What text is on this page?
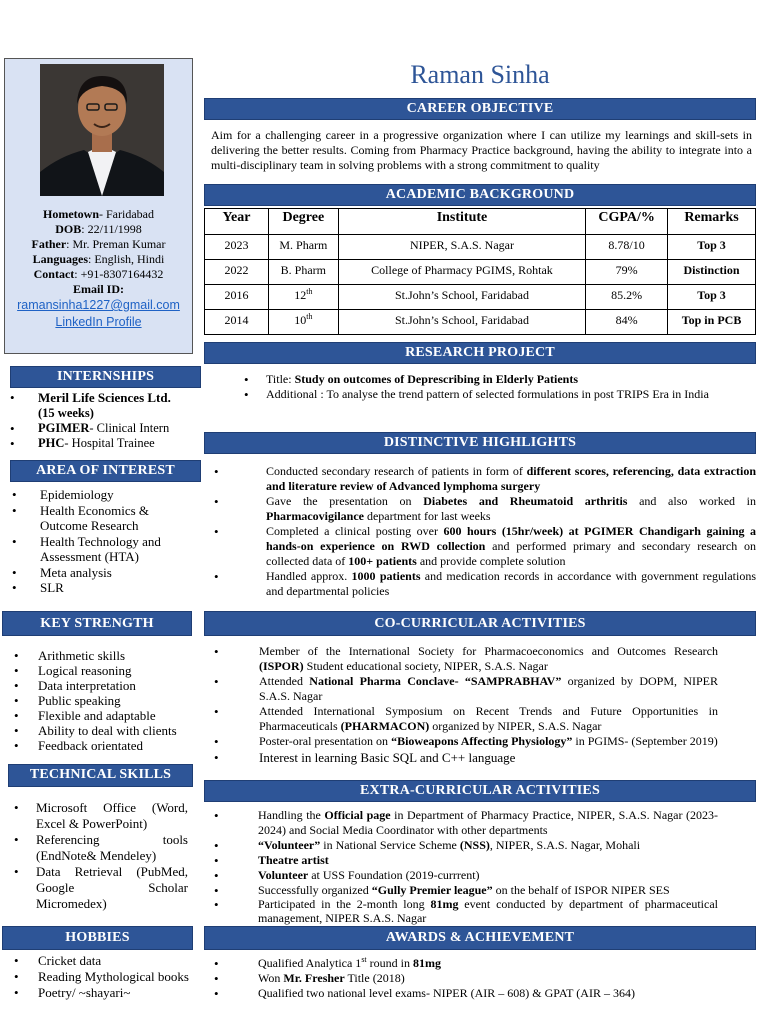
Hometown- Faridabad
DOB: 22/11/1998
Father: Mr. Preman Kumar
Languages: English, Hindi
Contact: +91-8307164432
Email ID:
ramansinha1227@gmail.com
LinkedIn Profile
Raman Sinha
CAREER OBJECTIVE
Aim for a challenging career in a progressive organization where I can utilize my learnings and skill-sets in delivering the better results. Coming from Pharmacy Practice background, having the ability to integrate into a multi-disciplinary team in solving problems with a strong commitment to quality
ACADEMIC BACKGROUND
Year	Degree	Institute	CGPA/%	Remarks
2023	M. Pharm	NIPER, S.A.S. Nagar	8.78/10	Top 3
2022	B. Pharm	College of Pharmacy PGIMS, Rohtak	79%	Distinction
2016	12th	St.John’s School, Faridabad	85.2%	Top 3
2014	10th	St.John’s School, Faridabad	84%	Top in PCB
RESEARCH PROJECT
• Title: Study on outcomes of Deprescribing in Elderly Patients
• Additional : To analyse the trend pattern of selected formulations in post TRIPS Era in India
INTERNSHIPS
• Meril Life Sciences Ltd.
(15 weeks)
• PGIMER- Clinical Intern
• PHC- Hospital Trainee	DISTINCTIVE HIGHLIGHTS
• Conducted secondary research of patients in form of different scores, referencing, data extraction and literature review of Advanced lymphoma surgery
• Gave the presentation on Diabetes and Rheumatoid arthritis and also worked in Pharmacovigilance department for last weeks
• Completed a clinical posting over 600 hours (15hr/week) at PGIMER Chandigarh gaining a hands-on experience on RWD collection and performed primary and secondary research on collected data of 100+ patients and provide complete solution
• Handled approx. 1000 patients and medication records in accordance with government regulations and departmental policies
AREA OF INTEREST
• Epidemiology
• Health Economics & Outcome Research
• Health Technology and Assessment (HTA)
• Meta analysis
• SLR
KEY STRENGTH
• Arithmetic skills
• Logical reasoning
• Data interpretation
• Public speaking
• Flexible and adaptable
• Ability to deal with clients
• Feedback orientated
CO-CURRICULAR ACTIVITIES
• Member of the International Society for Pharmacoeconomics and Outcomes Research (ISPOR) Student educational society, NIPER, S.A.S. Nagar
• Attended National Pharma Conclave- “SAMPRABHAV” organized by DOPM, NIPER S.A.S. Nagar
• Attended International Symposium on Recent Trends and Future Opportunities in Pharmaceuticals (PHARMACON) organized by NIPER, S.A.S. Nagar
• Poster-oral presentation on “Bioweapons Affecting Physiology” in PGIMS- (September 2019)
• Interest in learning Basic SQL and C++ language
TECHNICAL SKILLS
• Microsoft Office (Word, Excel & PowerPoint)
• Referencing tools (EndNote& Mendeley)
• Data Retrieval (PubMed, Google Scholar Micromedex)
EXTRA-CURRICULAR ACTIVITIES
• Handling the Official page in Department of Pharmacy Practice, NIPER, S.A.S. Nagar (2023-2024) and Social Media Coordinator with other departments
• “Volunteer” in National Service Scheme (NSS), NIPER, S.A.S. Nagar, Mohali
• Theatre artist
• Volunteer at USS Foundation (2019-currrent)
• Successfully organized “Gully Premier league” on the behalf of ISPOR NIPER SES
• Participated in the 2-month long 81mg event conducted by department of pharmaceutical management, NIPER S.A.S. Nagar
HOBBIES
• Cricket data
• Reading Mythological books
• Poetry/ ~shayari~
AWARDS & ACHIEVEMENT
• Qualified Analytica 1st round in 81mg
• Won Mr. Fresher Title (2018)
• Qualified two national level exams- NIPER (AIR – 608) & GPAT (AIR – 364)
